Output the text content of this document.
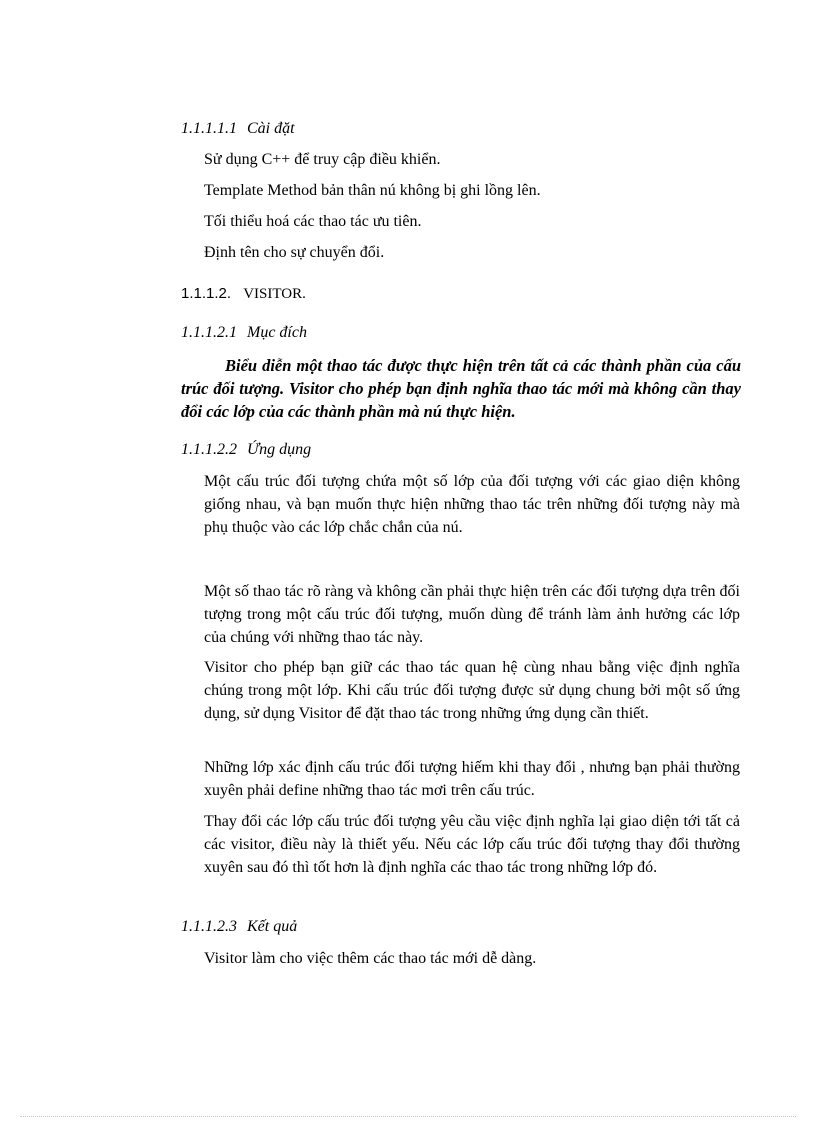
1.1.1.1.1 Cài đặt
Sử dụng C++ để truy cập điều khiển.
Template Method bản thân nú không bị ghi lồng lên.
Tối thiểu hoá các thao tác ưu tiên.
Định tên cho sự chuyển đổi.
1.1.1.2. VISITOR.
1.1.1.2.1 Mục đích
Biểu diễn một thao tác được thực hiện trên tất cả các thành phần của cấu trúc đối tượng. Visitor cho phép bạn định nghĩa thao tác mới mà không cần thay đổi các lớp của các thành phần mà nú thực hiện.
1.1.1.2.2 Ứng dụng
Một cấu trúc đối tượng chứa một số lớp của đối tượng với các giao diện không giống nhau, và bạn muốn thực hiện những thao tác trên những đối tượng này mà phụ thuộc vào các lớp chắc chắn của nú.
Một số thao tác rõ ràng và không cần phải thực hiện trên các đối tượng dựa trên đối tượng trong một cấu trúc đối tượng, muốn dùng để tránh làm ảnh hưởng các lớp của chúng với những thao tác này.
Visitor cho phép bạn giữ các thao tác quan hệ cùng nhau bằng việc định nghĩa chúng trong một lớp. Khi cấu trúc đối tượng được sử dụng chung bởi một số ứng dụng, sử dụng Visitor để đặt thao tác trong những ứng dụng cần thiết.
Những lớp xác định cấu trúc đối tượng hiếm khi thay đổi , nhưng bạn phải thường xuyên phải define những thao tác mơi trên cấu trúc.
Thay đổi các lớp cấu trúc đối tượng yêu cầu việc định nghĩa lại giao diện tới tất cả các visitor, điều này là thiết yếu. Nếu các lớp cấu trúc đối tượng thay đổi thường xuyên sau đó thì tốt hơn là định nghĩa các thao tác trong những lớp đó.
1.1.1.2.3 Kết quả
Visitor làm cho việc thêm các thao tác mới dễ dàng.
